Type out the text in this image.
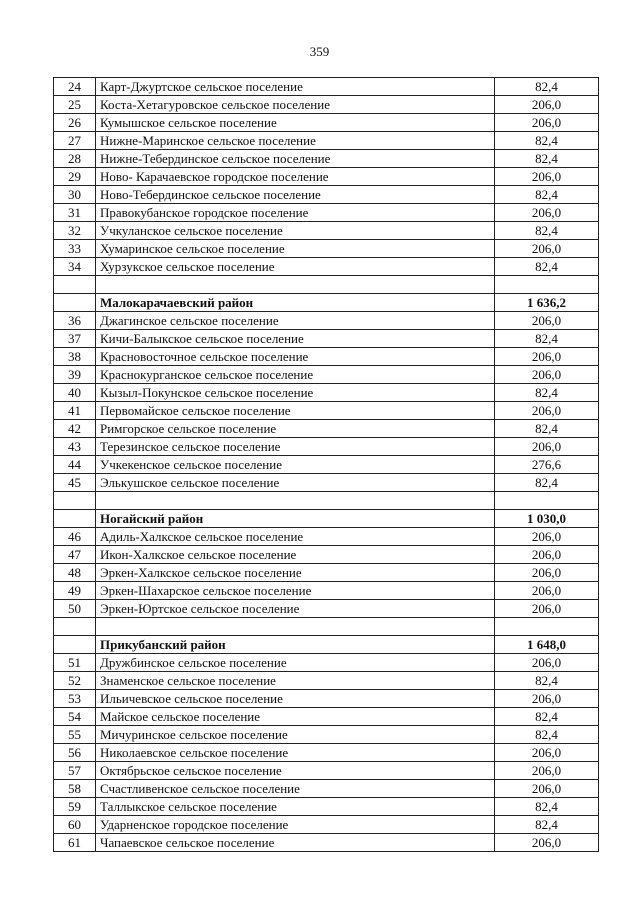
359
24	Карт-Джуртское сельское поселение	82,4
25	Коста-Хетагуровское сельское поселение	206,0
26	Кумышское сельское поселение	206,0
27	Нижне-Маринское сельское поселение	82,4
28	Нижне-Тебердинское сельское поселение	82,4
29	Ново- Карачаевское городское поселение	206,0
30	Ново-Тебердинское сельское поселение	82,4
31	Правокубанское городское поселение	206,0
32	Учкуланское сельское поселение	82,4
33	Хумаринское сельское поселение	206,0
34	Хурзукское сельское поселение	82,4

	Малокарачаевский район	1 636,2
36	Джагинское сельское поселение	206,0
37	Кичи-Балыкское сельское поселение	82,4
38	Красновосточное сельское поселение	206,0
39	Краснокурганское сельское поселение	206,0
40	Кызыл-Покунское сельское поселение	82,4
41	Первомайское сельское поселение	206,0
42	Римгорское сельское поселение	82,4
43	Терезинское сельское поселение	206,0
44	Учкекенское сельское поселение	276,6
45	Элькушское сельское поселение	82,4

	Ногайский район	1 030,0
46	Адиль-Халкское сельское поселение	206,0
47	Икон-Халкское сельское поселение	206,0
48	Эркен-Халкское сельское поселение	206,0
49	Эркен-Шахарское сельское поселение	206,0
50	Эркен-Юртское сельское поселение	206,0

	Прикубанский район	1 648,0
51	Дружбинское сельское поселение	206,0
52	Знаменское сельское поселение	82,4
53	Ильичевское сельское поселение	206,0
54	Майское сельское поселение	82,4
55	Мичуринское сельское поселение	82,4
56	Николаевское сельское поселение	206,0
57	Октябрьское сельское поселение	206,0
58	Счастливенское сельское поселение	206,0
59	Таллыкское сельское поселение	82,4
60	Ударненское городское поселение	82,4
61	Чапаевское сельское поселение	206,0
